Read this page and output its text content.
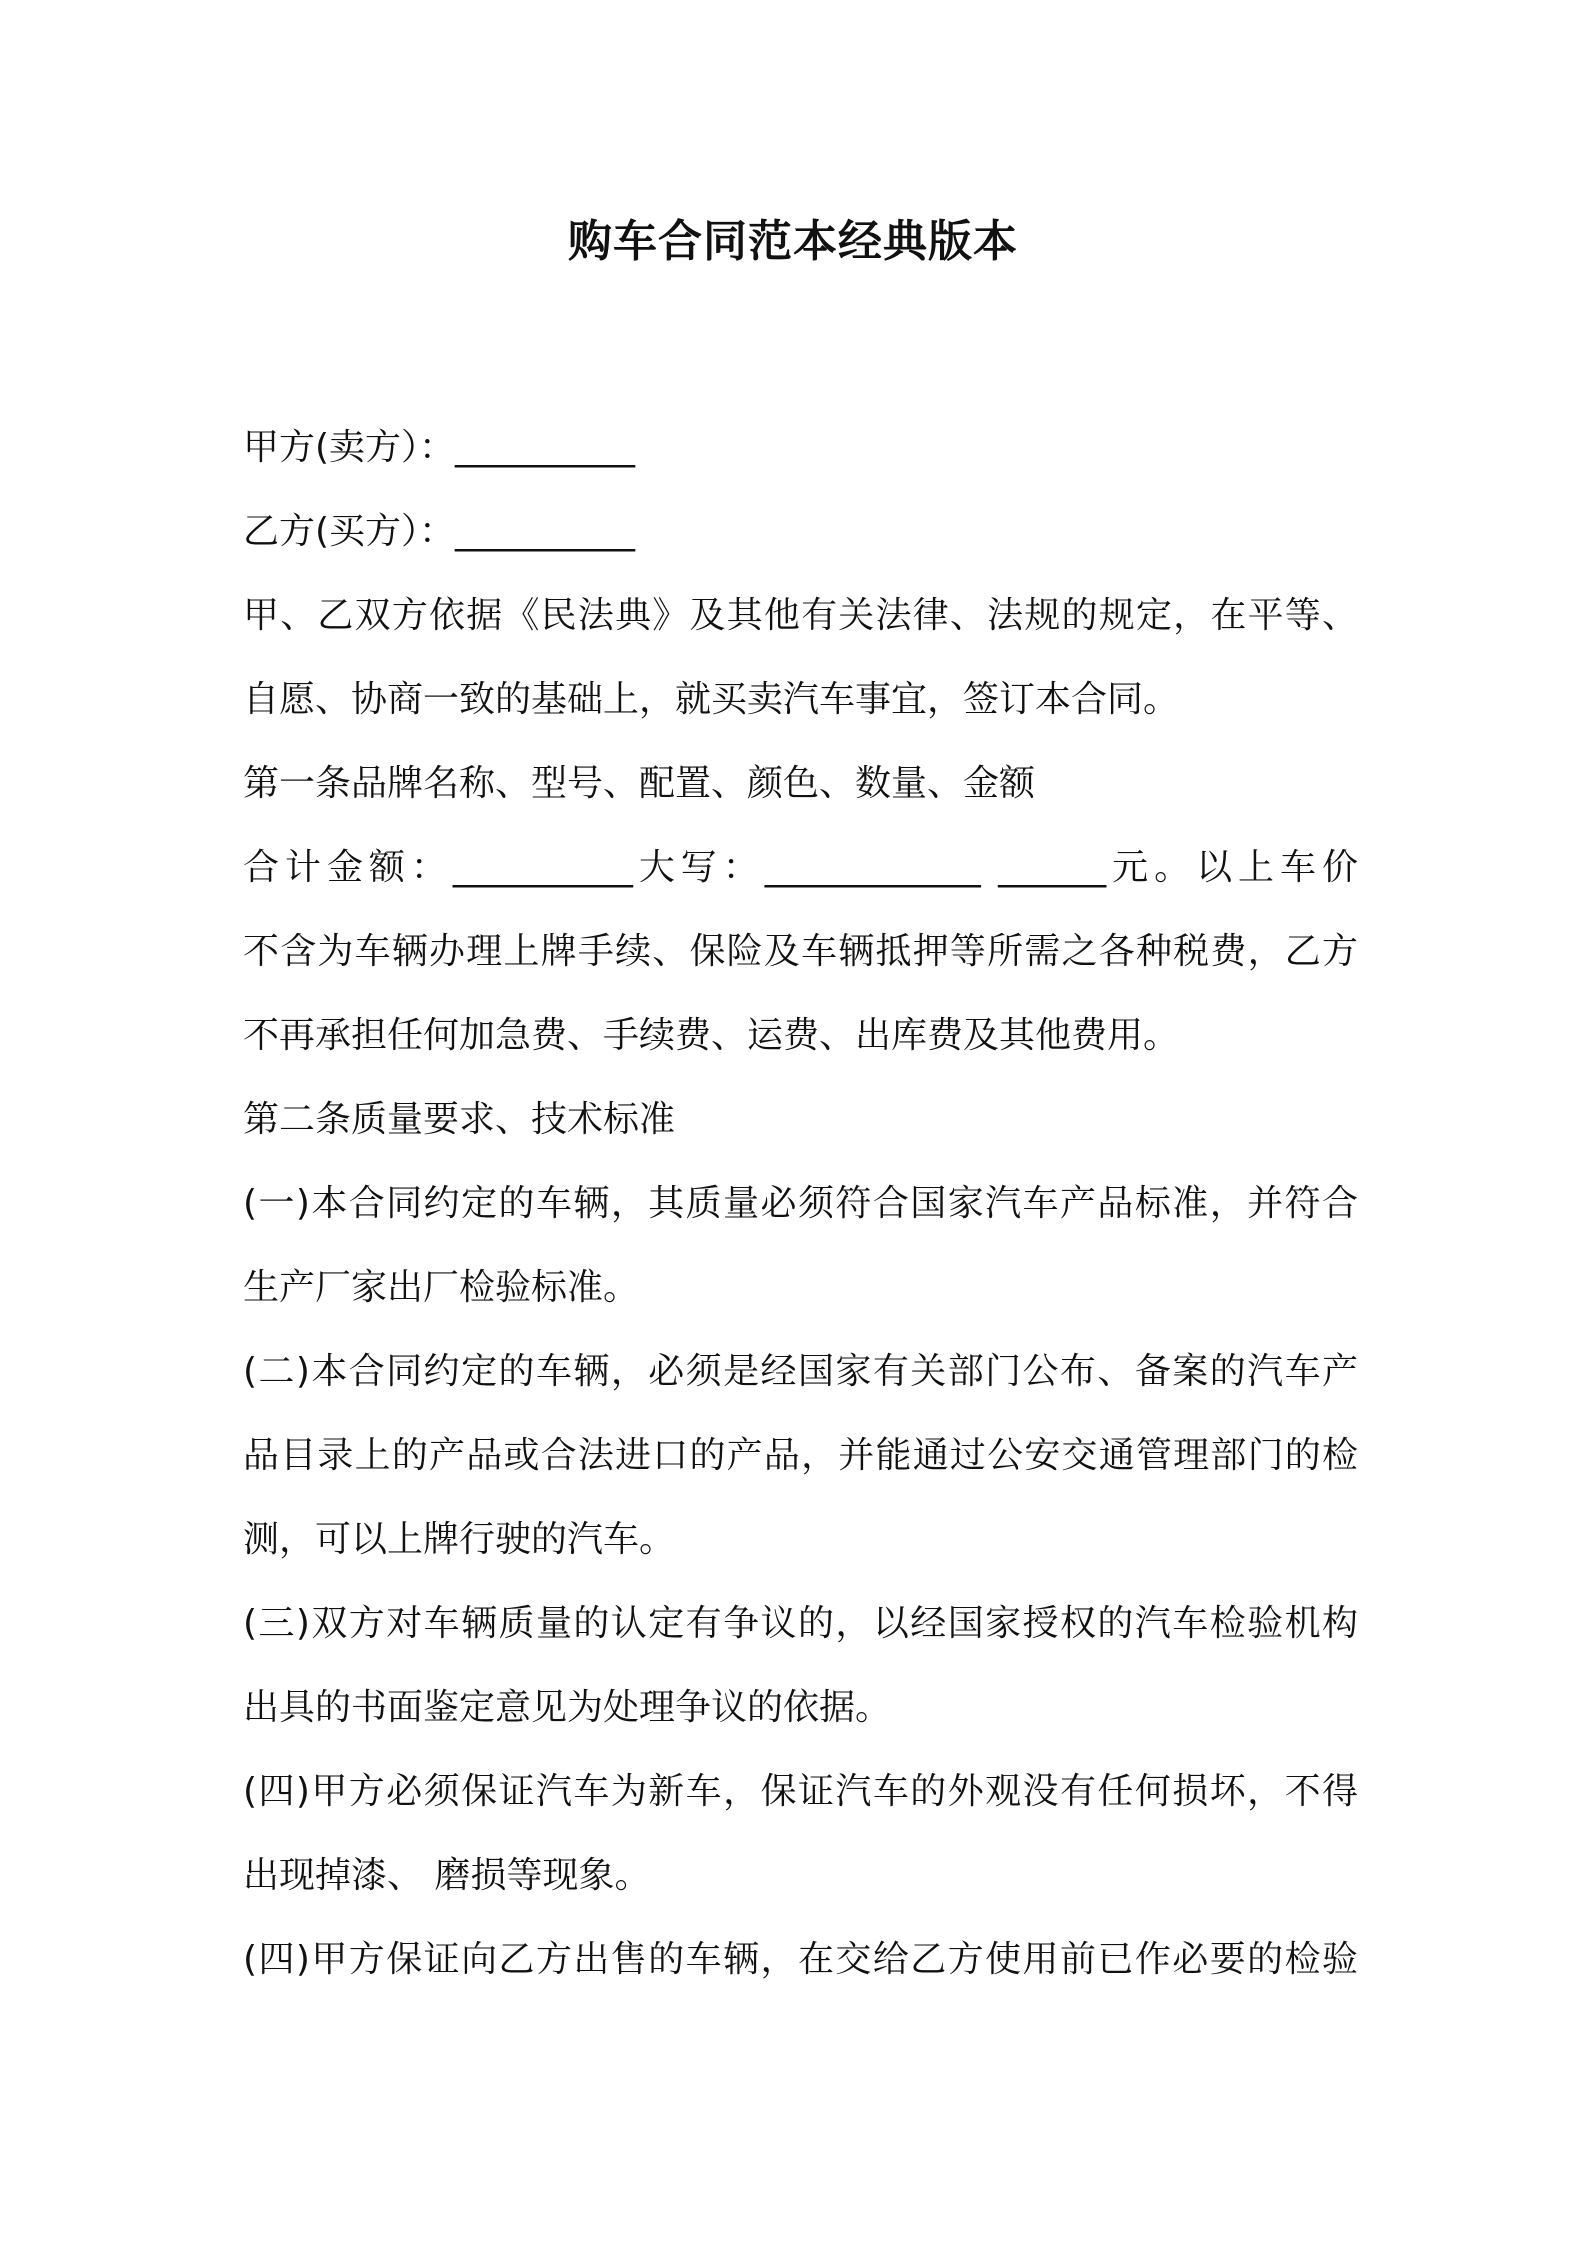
购车合同范本经典版本

甲方(卖方）：__________

乙方(买方）：__________

甲、乙双方依据《民法典》及其他有关法律、法规的规定，在平等、

自愿、协商一致的基础上，就买卖汽车事宜，签订本合同。

第一条品牌名称、型号、配置、颜色、数量、金额

合计金额：__________大写：____________ ______元。以上车价

不含为车辆办理上牌手续、保险及车辆抵押等所需之各种税费，乙方

不再承担任何加急费、手续费、运费、出库费及其他费用。

第二条质量要求、技术标准

(一)本合同约定的车辆，其质量必须符合国家汽车产品标准，并符合

生产厂家出厂检验标准。

(二)本合同约定的车辆，必须是经国家有关部门公布、备案的汽车产

品目录上的产品或合法进口的产品，并能通过公安交通管理部门的检

测，可以上牌行驶的汽车。

(三)双方对车辆质量的认定有争议的，以经国家授权的汽车检验机构

出具的书面鉴定意见为处理争议的依据。

(四)甲方必须保证汽车为新车，保证汽车的外观没有任何损坏，不得

出现掉漆、 磨损等现象。

(四)甲方保证向乙方出售的车辆，在交给乙方使用前已作必要的检验
